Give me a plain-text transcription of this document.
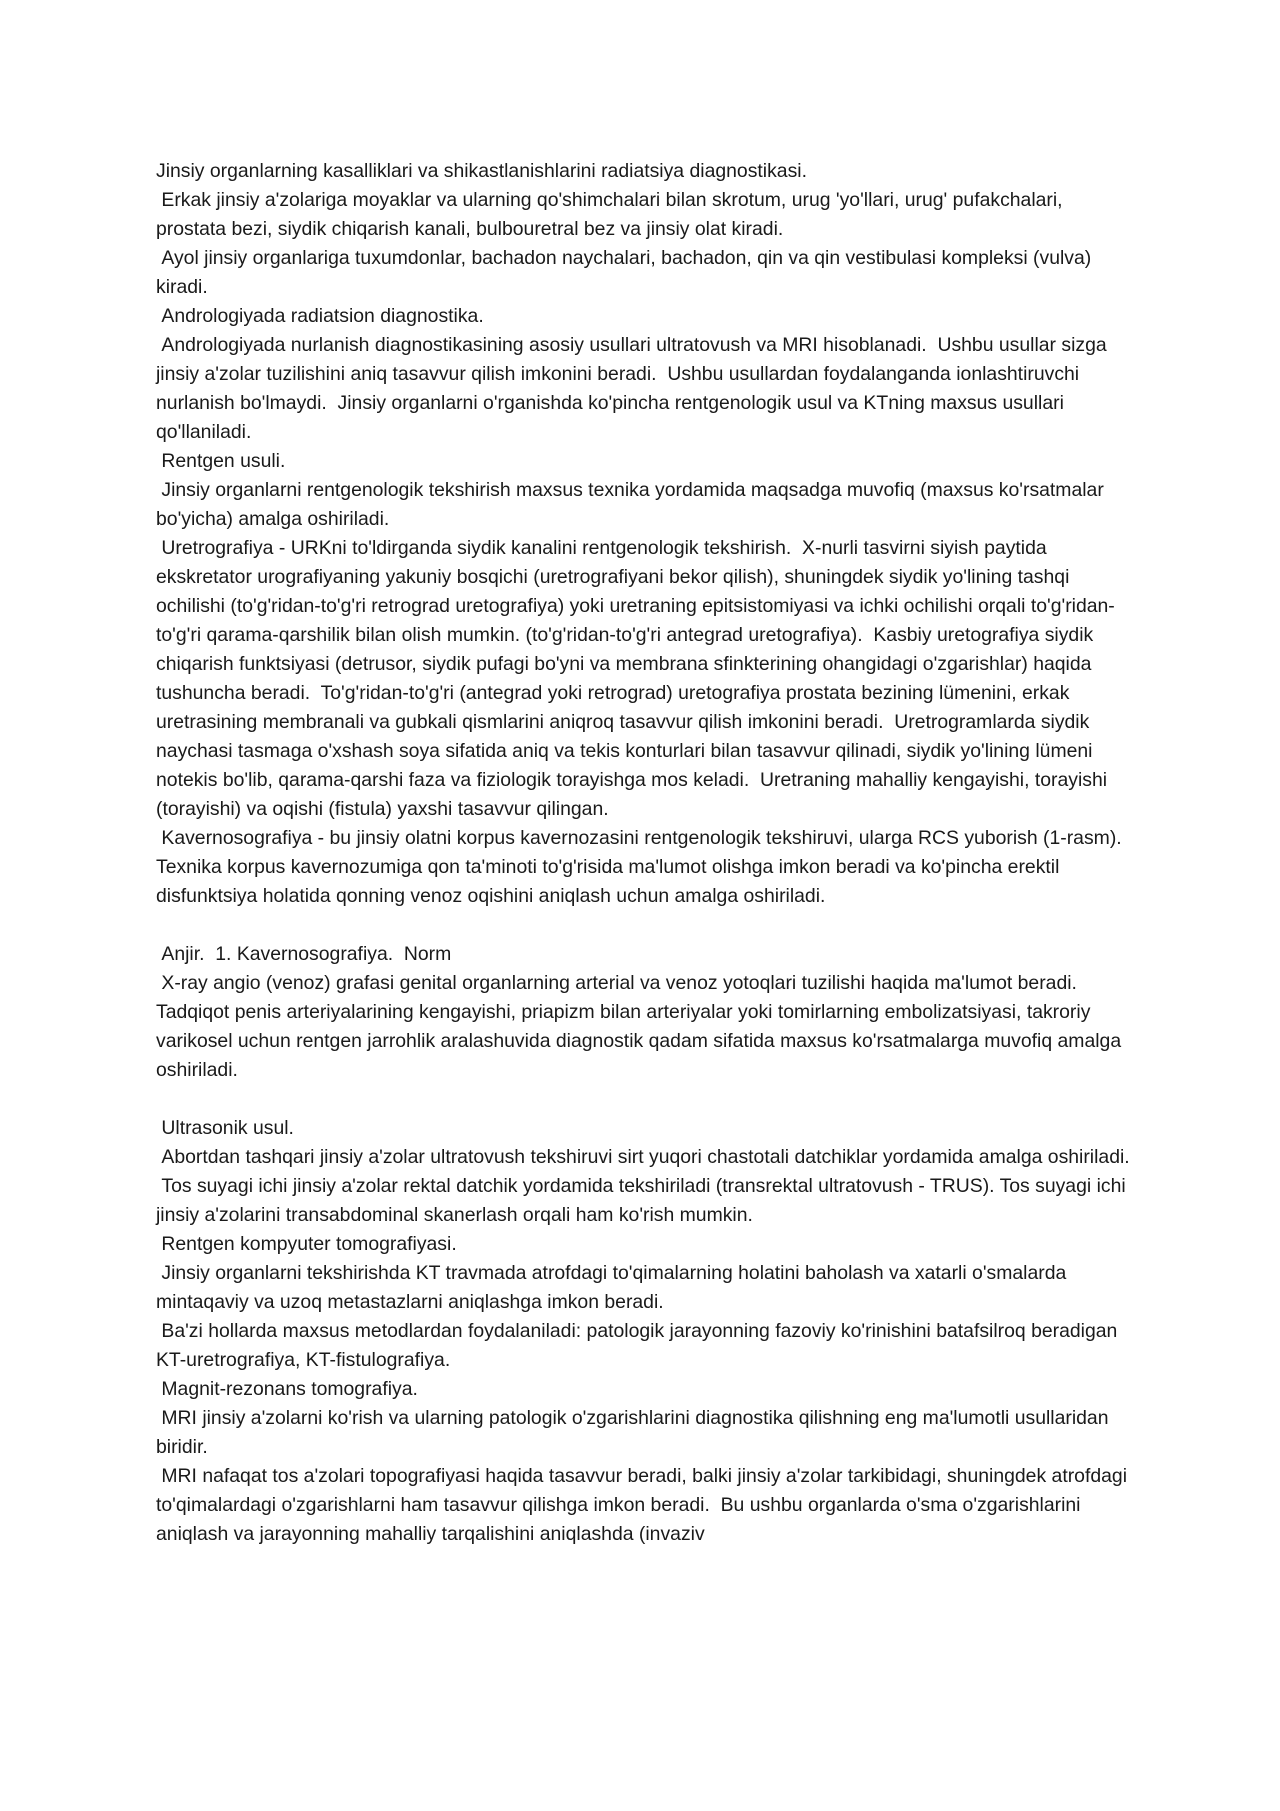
Jinsiy organlarning kasalliklari va shikastlanishlarini radiatsiya diagnostikasi.

Erkak jinsiy a'zolariga moyaklar va ularning qo'shimchalari bilan skrotum, urug 'yo'llari, urug' pufakchalari, prostata bezi, siydik chiqarish kanali, bulbouretral bez va jinsiy olat kiradi.

Ayol jinsiy organlariga tuxumdonlar, bachadon naychalari, bachadon, qin va qin vestibulasi kompleksi (vulva) kiradi.

Andrologiyada radiatsion diagnostika.

Andrologiyada nurlanish diagnostikasining asosiy usullari ultratovush va MRI hisoblanadi.  Ushbu usullar sizga jinsiy a'zolar tuzilishini aniq tasavvur qilish imkonini beradi.  Ushbu usullardan foydalanganda ionlashtiruvchi nurlanish bo'lmaydi.  Jinsiy organlarni o'rganishda ko'pincha rentgenologik usul va KTning maxsus usullari qo'llaniladi.

Rentgen usuli.

Jinsiy organlarni rentgenologik tekshirish maxsus texnika yordamida maqsadga muvofiq (maxsus ko'rsatmalar bo'yicha) amalga oshiriladi.

Uretrografiya - URKni to'ldirganda siydik kanalini rentgenologik tekshirish.  X-nurli tasvirni siyish paytida ekskretator urografiyaning yakuniy bosqichi (uretrografiyani bekor qilish), shuningdek siydik yo'lining tashqi ochilishi (to'g'ridan-to'g'ri retrograd uretografiya) yoki uretraning epitsistomiyasi va ichki ochilishi orqali to'g'ridan-to'g'ri qarama-qarshilik bilan olish mumkin. (to'g'ridan-to'g'ri antegrad uretografiya).  Kasbiy uretografiya siydik chiqarish funktsiyasi (detrusor, siydik pufagi bo'yni va membrana sfinkterining ohangidagi o'zgarishlar) haqida tushuncha beradi.  To'g'ridan-to'g'ri (antegrad yoki retrograd) uretografiya prostata bezining lümenini, erkak uretrasining membranali va gubkali qismlarini aniqroq tasavvur qilish imkonini beradi.  Uretrogramlarda siydik naychasi tasmaga o'xshash soya sifatida aniq va tekis konturlari bilan tasavvur qilinadi, siydik yo'lining lümeni notekis bo'lib, qarama-qarshi faza va fiziologik torayishga mos keladi.  Uretraning mahalliy kengayishi, torayishi (torayishi) va oqishi (fistula) yaxshi tasavvur qilingan.

Kavernosografiya - bu jinsiy olatni korpus kavernozasini rentgenologik tekshiruvi, ularga RCS yuborish (1-rasm).  Texnika korpus kavernozumiga qon ta'minoti to'g'risida ma'lumot olishga imkon beradi va ko'pincha erektil disfunktsiya holatida qonning venoz oqishini aniqlash uchun amalga oshiriladi.

Anjir.  1. Kavernosografiya.  Norm

X-ray angio (venoz) grafasi genital organlarning arterial va venoz yotoqlari tuzilishi haqida ma'lumot beradi.  Tadqiqot penis arteriyalarining kengayishi, priapizm bilan arteriyalar yoki tomirlarning embolizatsiyasi, takroriy varikosel uchun rentgen jarrohlik aralashuvida diagnostik qadam sifatida maxsus ko'rsatmalarga muvofiq amalga oshiriladi.

Ultrasonik usul.

Abortdan tashqari jinsiy a'zolar ultratovush tekshiruvi sirt yuqori chastotali datchiklar yordamida amalga oshiriladi.

Tos suyagi ichi jinsiy a'zolar rektal datchik yordamida tekshiriladi (transrektal ultratovush - TRUS). Tos suyagi ichi jinsiy a'zolarini transabdominal skanerlash orqali ham ko'rish mumkin.

Rentgen kompyuter tomografiyasi.

Jinsiy organlarni tekshirishda KT travmada atrofdagi to'qimalarning holatini baholash va xatarli o'smalarda mintaqaviy va uzoq metastazlarni aniqlashga imkon beradi.

Ba'zi hollarda maxsus metodlardan foydalaniladi: patologik jarayonning fazoviy ko'rinishini batafsilroq beradigan KT-uretrografiya, KT-fistulografiya.

Magnit-rezonans tomografiya.

MRI jinsiy a'zolarni ko'rish va ularning patologik o'zgarishlarini diagnostika qilishning eng ma'lumotli usullaridan biridir.

MRI nafaqat tos a'zolari topografiyasi haqida tasavvur beradi, balki jinsiy a'zolar tarkibidagi, shuningdek atrofdagi to'qimalardagi o'zgarishlarni ham tasavvur qilishga imkon beradi.  Bu ushbu organlarda o'sma o'zgarishlarini aniqlash va jarayonning mahalliy tarqalishini aniqlashda (invaziv
